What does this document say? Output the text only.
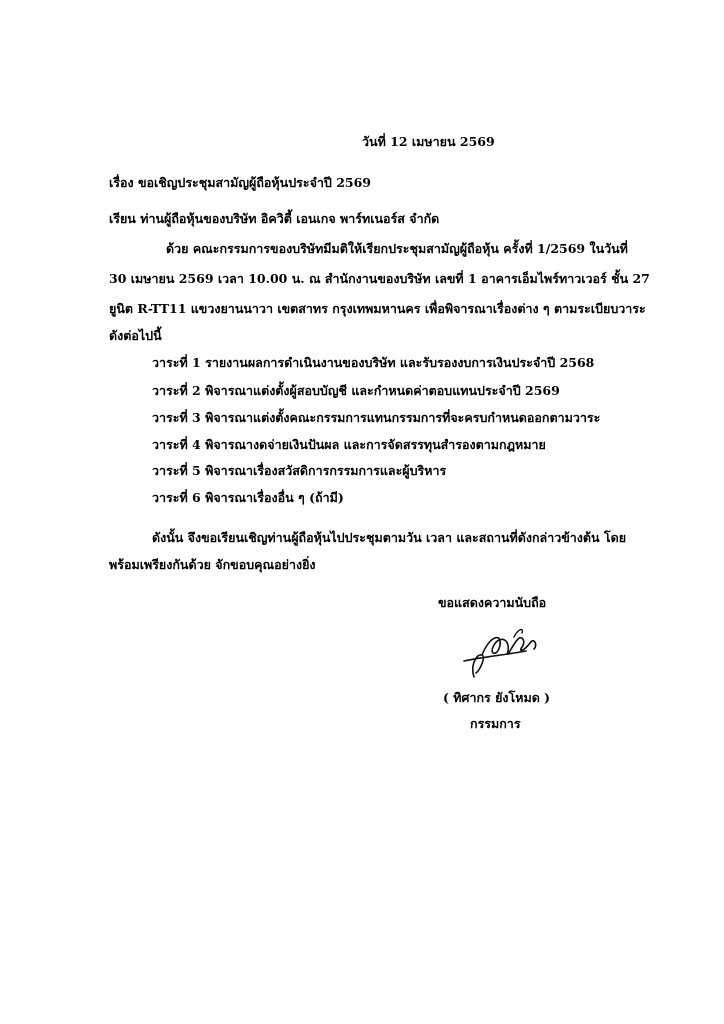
วันที่ 12 เมษายน 2569
เรื่อง ขอเชิญประชุมสามัญผู้ถือหุ้นประจำปี 2569
เรียน ท่านผู้ถือหุ้นของบริษัท อิควิตี้ เอนเกจ พาร์ทเนอร์ส จำกัด
ด้วย คณะกรรมการของบริษัทมีมติให้เรียกประชุมสามัญผู้ถือหุ้น ครั้งที่ 1/2569 ในวันที่
30 เมษายน 2569 เวลา 10.00 น. ณ สำนักงานของบริษัท เลขที่ 1 อาคารเอ็มไพร์ทาวเวอร์ ชั้น 27
ยูนิต R-TT11 แขวงยานนาวา เขตสาทร กรุงเทพมหานคร เพื่อพิจารณาเรื่องต่าง ๆ ตามระเบียบวาระ
ดังต่อไปนี้
วาระที่ 1 รายงานผลการดำเนินงานของบริษัท และรับรองงบการเงินประจำปี 2568
วาระที่ 2 พิจารณาแต่งตั้งผู้สอบบัญชี และกำหนดค่าตอบแทนประจำปี 2569
วาระที่ 3 พิจารณาแต่งตั้งคณะกรรมการแทนกรรมการที่จะครบกำหนดออกตามวาระ
วาระที่ 4 พิจารณางดจ่ายเงินปันผล และการจัดสรรทุนสำรองตามกฎหมาย
วาระที่ 5 พิจารณาเรื่องสวัสดิการกรรมการและผู้บริหาร
วาระที่ 6 พิจารณาเรื่องอื่น ๆ (ถ้ามี)
ดังนั้น จึงขอเรียนเชิญท่านผู้ถือหุ้นไปประชุมตามวัน เวลา และสถานที่ดังกล่าวข้างต้น โดย
พร้อมเพรียงกันด้วย จักขอบคุณอย่างยิ่ง
ขอแสดงความนับถือ
( ทิศากร ยังโหมด )
กรรมการ
